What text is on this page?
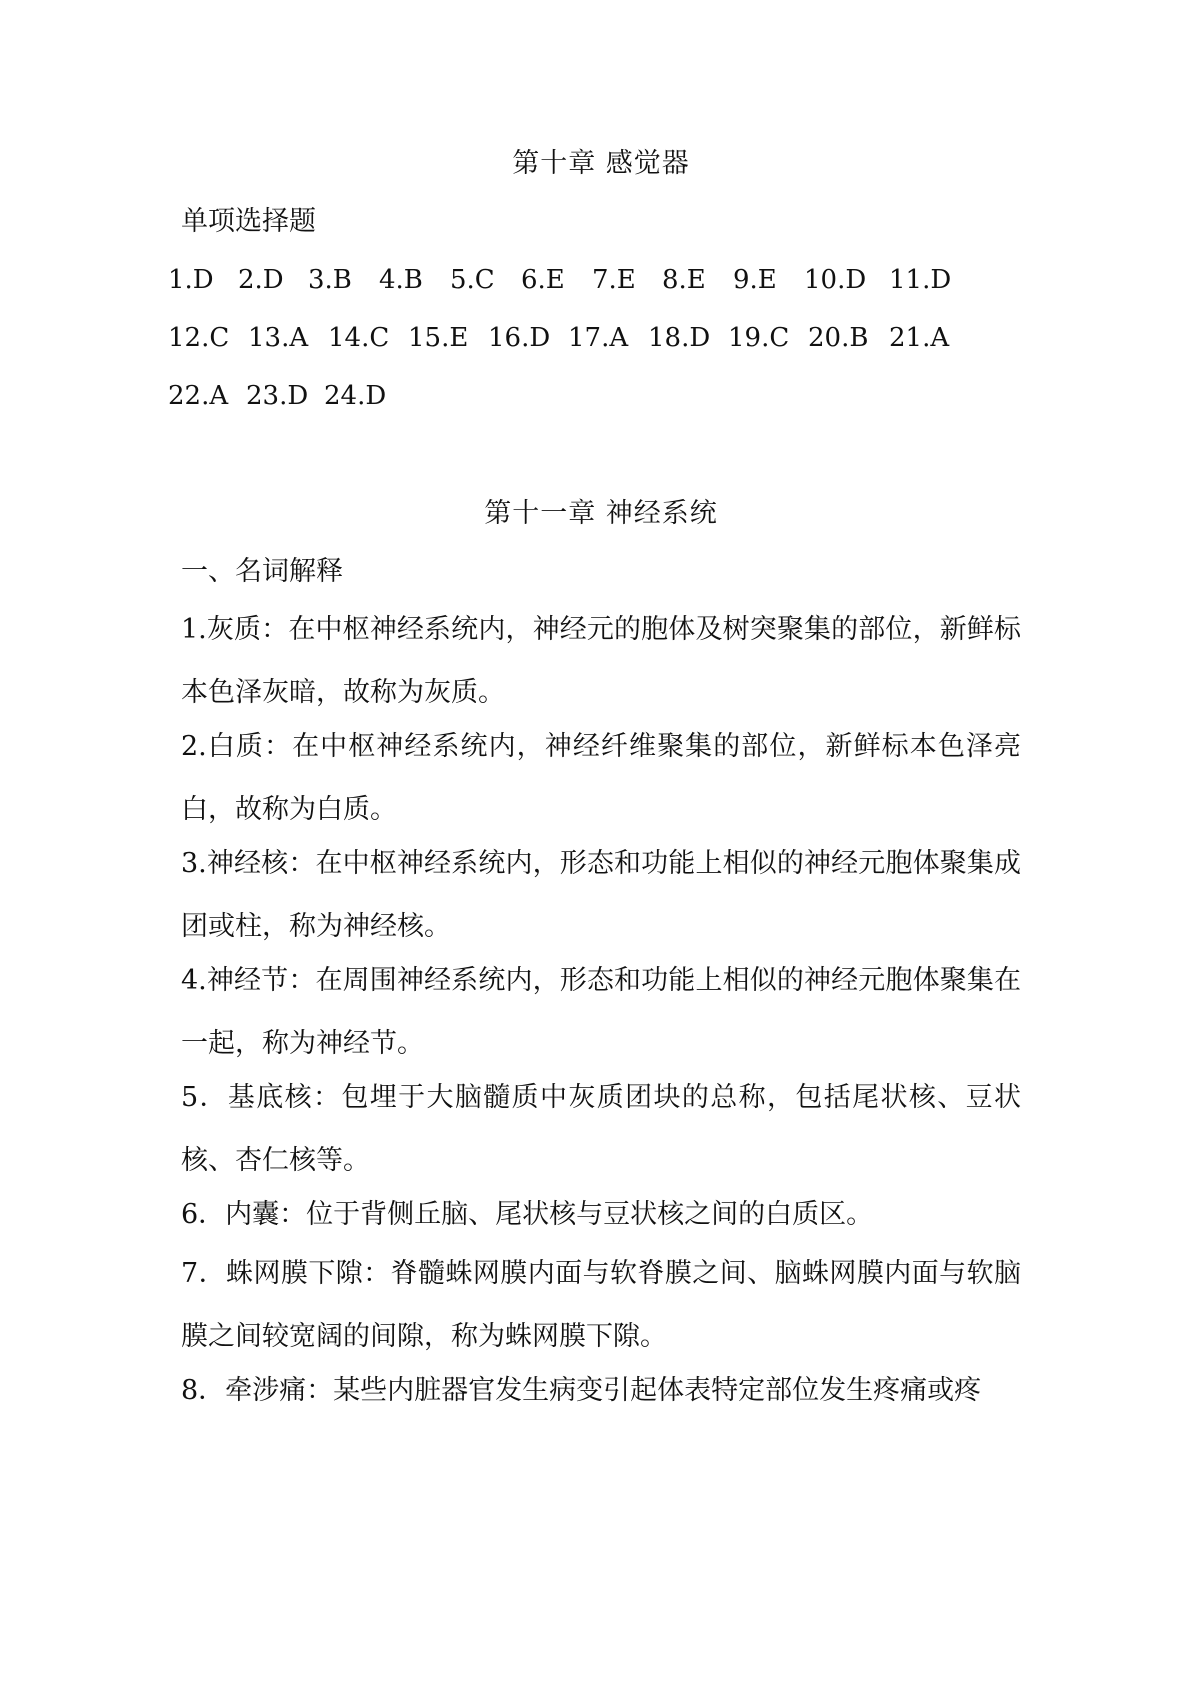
第十章 感觉器
单项选择题
1.D 2.D 3.B 4.B 5.C 6.E 7.E 8.E 9.E 10.D 11.D
12.C 13.A 14.C 15.E 16.D 17.A 18.D 19.C 20.B 21.A
22.A 23.D 24.D
第十一章 神经系统
一、名词解释
1.灰质：在中枢神经系统内，神经元的胞体及树突聚集的部位，新鲜标本色泽灰暗，故称为灰质。
2.白质：在中枢神经系统内，神经纤维聚集的部位，新鲜标本色泽亮白，故称为白质。
3.神经核：在中枢神经系统内，形态和功能上相似的神经元胞体聚集成团或柱，称为神经核。
4.神经节：在周围神经系统内，形态和功能上相似的神经元胞体聚集在一起，称为神经节。
5．基底核：包埋于大脑髓质中灰质团块的总称，包括尾状核、豆状核、杏仁核等。
6．内囊：位于背侧丘脑、尾状核与豆状核之间的白质区。
7．蛛网膜下隙：脊髓蛛网膜内面与软脊膜之间、脑蛛网膜内面与软脑膜之间较宽阔的间隙，称为蛛网膜下隙。
8．牵涉痛：某些内脏器官发生病变引起体表特定部位发生疼痛或疼
